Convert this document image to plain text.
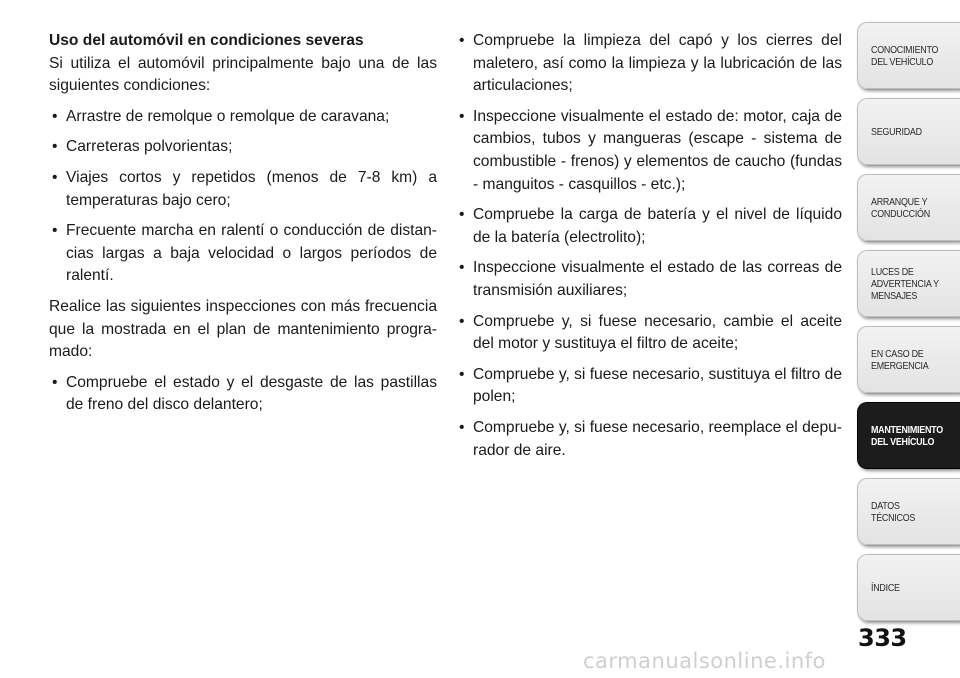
Uso del automóvil en condiciones severas

Si utiliza el automóvil principalmente bajo una de las siguientes condiciones:

• Arrastre de remolque o remolque de caravana;
• Carreteras polvorientas;
• Viajes cortos y repetidos (menos de 7-8 km) a temperaturas bajo cero;
• Frecuente marcha en ralentí o conducción de distan-cias largas a baja velocidad o largos períodos de ralentí.

Realice las siguientes inspecciones con más frecuencia que la mostrada en el plan de mantenimiento progra-mado:

• Compruebe el estado y el desgaste de las pastillas de freno del disco delantero;
• Compruebe la limpieza del capó y los cierres del maletero, así como la limpieza y la lubricación de las articulaciones;
• Inspeccione visualmente el estado de: motor, caja de cambios, tubos y mangueras (escape - sistema de combustible - frenos) y elementos de caucho (fundas - manguitos - casquillos - etc.);
• Compruebe la carga de batería y el nivel de líquido de la batería (electrolito);
• Inspeccione visualmente el estado de las correas de transmisión auxiliares;
• Compruebe y, si fuese necesario, cambie el aceite del motor y sustituya el filtro de aceite;
• Compruebe y, si fuese necesario, sustituya el filtro de polen;
• Compruebe y, si fuese necesario, reemplace el depu-rador de aire.
CONOCIMIENTO
DEL VEHÍCULO
SEGURIDAD
ARRANQUE Y
CONDUCCIÓN
LUCES DE
ADVERTENCIA Y
MENSAJES
EN CASO DE
EMERGENCIA
MANTENIMIENTO
DEL VEHÍCULO
DATOS
TÉCNICOS
ÍNDICE
333
carmanualsonline.info
